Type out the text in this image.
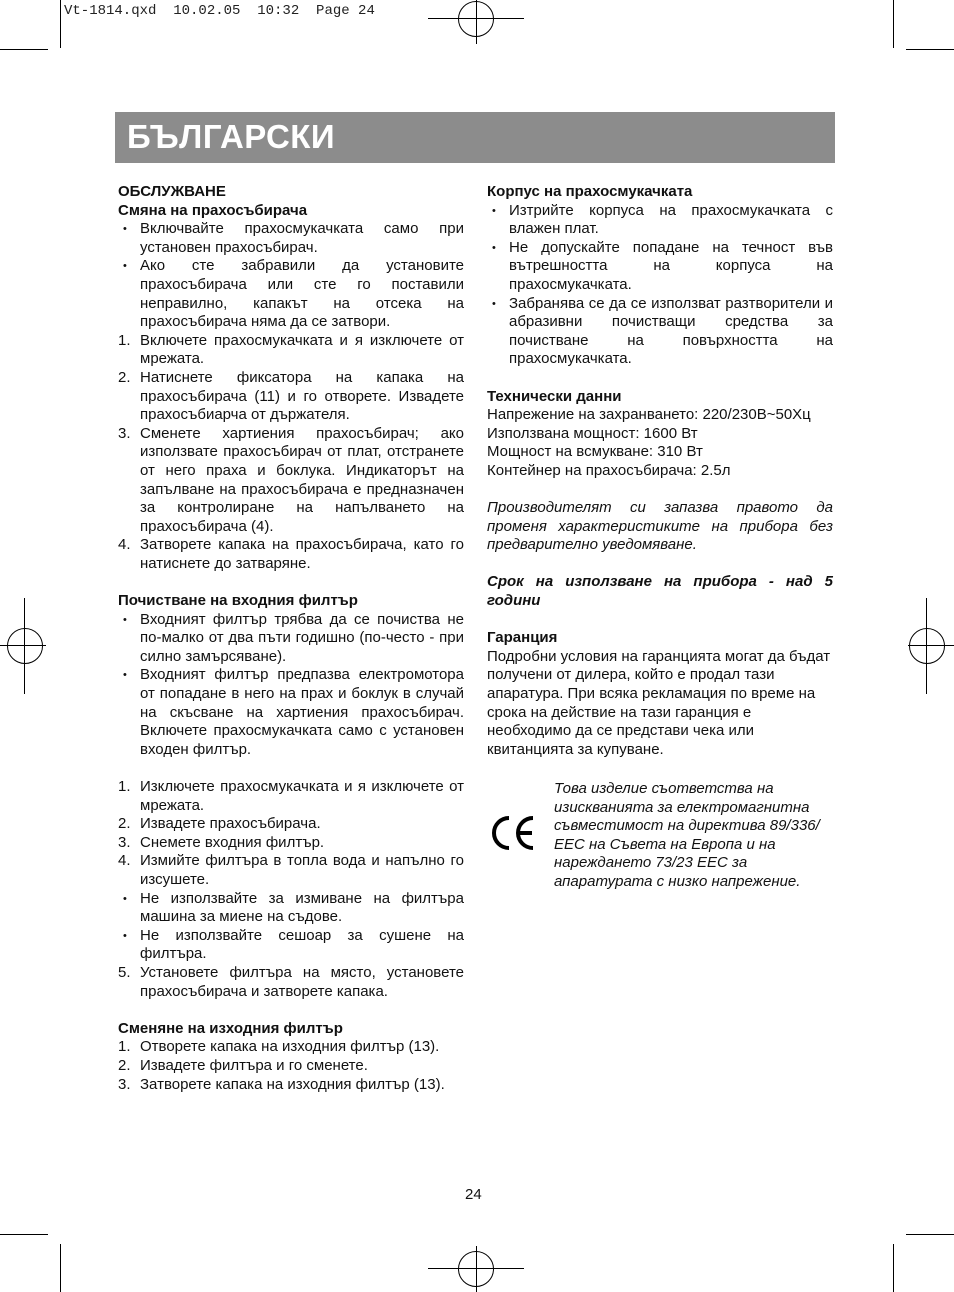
Vt-1814.qxd  10.02.05  10:32  Page 24
БЪЛГАРСКИ
ОБСЛУЖВАНЕ
Смяна на прахосъбирача
• Включвайте прахосмукачката само при установен прахосъбирач.
• Ако сте забравили да установите прахосъбирача или сте го поставили неправилно, капакът на отсека на прахосъбирача няма да се затвори.
1. Включете прахосмукачката и я изключете от мрежата.
2. Натиснете фиксатора на капака на прахосъбирача (11) и го отворете. Извадете прахосъбиарча от държателя.
3. Сменете хартиения прахосъбирач; ако използвате прахосъбирач от плат, отстранете от него праха и боклука. Индикаторът на запълване на прахосъбирача е предназначен за контролиране на напълването на прахосъбирача (4).
4. Затворете капака на прахосъбирача, като го натиснете до затваряне.
Почистване на входния филтър
• Входният филтър трябва да се почиства не по-малко от два пъти годишно (по-често - при силно замърсяване).
• Входният филтър предпазва електромотора от попадане в него на прах и боклук в случай на скъсване на хартиения прахосъбирач. Включете прахосмукачката само с установен входен филтър.
1. Изключете прахосмукачката и я изключете от мрежата.
2. Извадете прахосъбирача.
3. Снемете входния филтър.
4. Измийте филтъра в топла вода и напълно го изсушете.
• Не използвайте за измиване на филтъра машина за миене на съдове.
• Не използвайте сешоар за сушене на филтъра.
5. Установете филтъра на място, установете прахосъбирача и затворете капака.
Сменяне на изходния филтър
1. Отворете капака на изходния филтър (13).
2. Извадете филтъра и го сменете.
3. Затворете капака на изходния филтър (13).
Корпус на прахосмукачката
• Изтрийте корпуса на прахосмукачката с влажен плат.
• Не допускайте попадане на течност във вътрешността на корпуса на прахосмукачката.
• Забранява се да се използват разтворители и абразивни почистващи средства за почистване на повърхността на прахосмукачката.
Технически данни
Напрежение на захранването: 220/230В~50Хц
Използвана мощност: 1600 Вт
Мощност на всмукване: 310 Вт
Контейнер на прахосъбирача: 2.5л

Производителят си запазва правото да променя характеристиките на прибора без предварително уведомяване.

Срок на използване на прибора - над 5 години

Гаранция

Подробни условия на гаранцията могат да бъдат получени от дилера, който е продал тази апаратура. При всяка рекламация по време на срока на действие на тази гаранция е необходимо да се представи чека или квитанцията за купуване.

Това изделие съответства на изискванията за електромагнитна съвместимост на директива 89/336/ЕЕС на Съвета на Европа и на нареждането 73/23 ЕЕС за апаратурата с низко напрежение.
24
